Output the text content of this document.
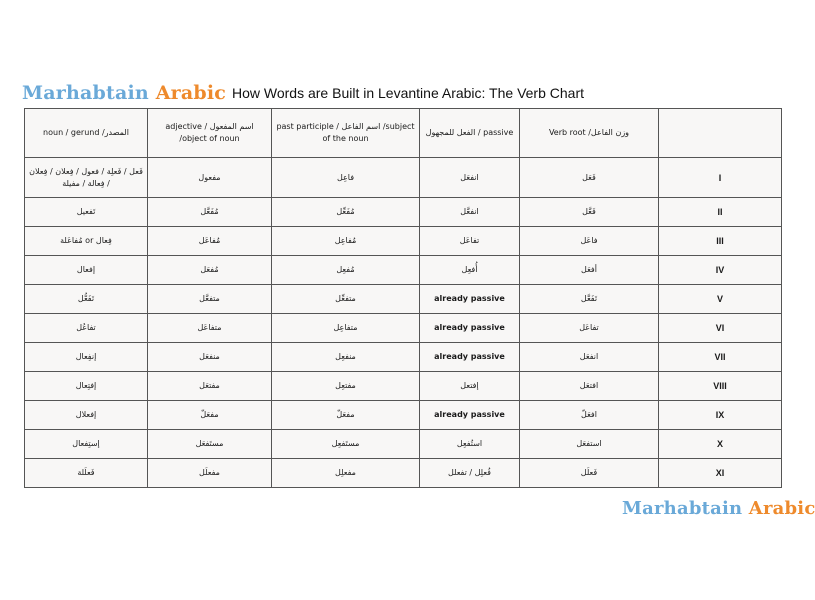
Marhabtain Arabic How Words are Built in Levantine Arabic: The Verb Chart
noun / gerund /المصدر	adjective / اسم المفعول /object of noun	past participle / اسم الفاعل /subject of the noun	الفعل للمجهول / passive	Verb root /وزن الفاعل	
فَعل / فَعلِة / فعول / فِعلان / فِعلان / فِعالة / مفيلة	مفعول	فاعِل	انفعَل	فَعَل	I
تَفعيل	مُفَعَّل	مُفَعِّل	انفعَّل	فَعَّل	II
مُفاعَلة or فِعال	مُفاعَل	مُفاعِل	تفاعَل	فاعَل	III
إفعال	مُفعَل	مُفعِل	أُفعِل	أفعَل	IV
تَفَعُّل	متفعَّل	متفعِّل	already passive	تَفَعَّل	V
تفاعُل	متفاعَل	متفاعِل	already passive	تفاعَل	VI
إنفِعال	منفعَل	منفعِل	already passive	انفعَل	VII
إفتِعال	مفتعَل	مفتعِل	إفتعل	افتعَل	VIII
إفعلال	مفعَلّ	مفعَلّ	already passive	افعَلّ	IX
إستِفعال	مستَفعَل	مستَفعِل	استُفعِل	استفعَل	X
فَعلَلة	مفعلَل	مفعلِل	فُعلِل / تفعلل	فَعلَل	XI
Marhabtain Arabic
